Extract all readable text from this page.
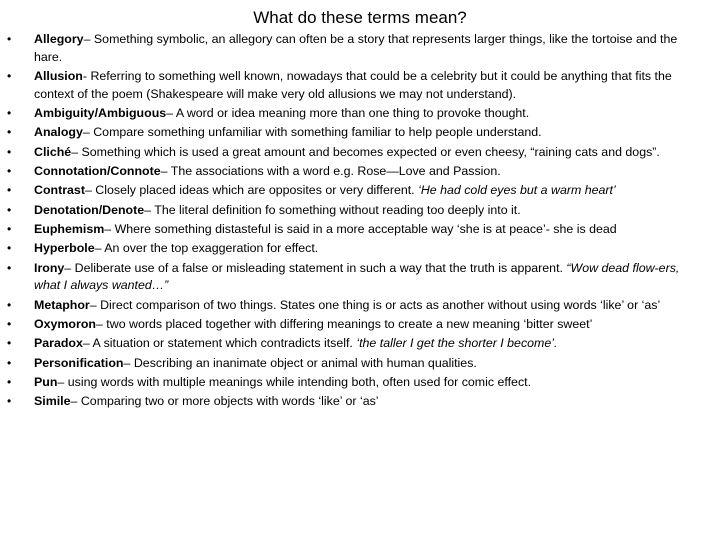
What do these terms mean?
• Allegory– Something symbolic, an allegory can often be a story that represents larger things, like the tortoise and the hare.
• Allusion- Referring to something well known, nowadays that could be a celebrity but it could be anything that fits the context of the poem (Shakespeare will make very old allusions we may not understand).
• Ambiguity/Ambiguous– A word or idea meaning more than one thing to provoke thought.
• Analogy– Compare something unfamiliar with something familiar to help people understand.
• Cliché– Something which is used a great amount and becomes expected or even cheesy, “raining cats and dogs”.
• Connotation/Connote– The associations with a word e.g. Rose—Love and Passion.
• Contrast– Closely placed ideas which are opposites or very different. ‘He had cold eyes but a warm heart’
• Denotation/Denote– The literal definition fo something without reading too deeply into it.
• Euphemism– Where something distasteful is said in a more acceptable way ‘she is at peace’- she is dead
• Hyperbole– An over the top exaggeration for effect.
• Irony– Deliberate use of a false or misleading statement in such a way that the truth is apparent. “Wow dead flow-ers, what I always wanted…”
• Metaphor– Direct comparison of two things. States one thing is or acts as another without using words ‘like’ or ‘as’
• Oxymoron– two words placed together with differing meanings to create a new meaning ‘bitter sweet’
• Paradox– A situation or statement which contradicts itself. ‘the taller I get the shorter I become’.
• Personification– Describing an inanimate object or animal with human qualities.
• Pun– using words with multiple meanings while intending both, often used for comic effect.
• Simile– Comparing two or more objects with words ‘like’ or ‘as’
